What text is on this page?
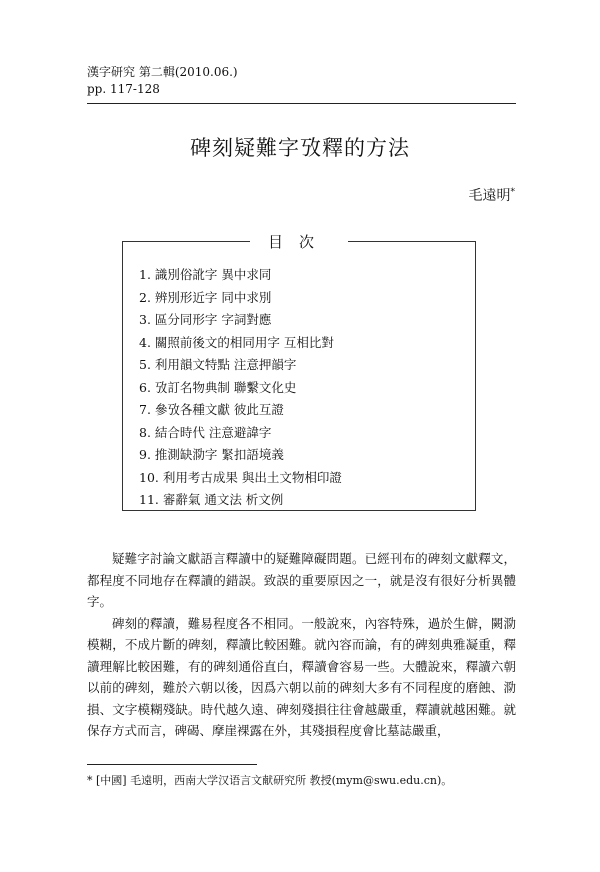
漢字研究 第二輯(2010.06.)
pp. 117-128
碑刻疑難字攷釋的方法
毛遠明*
目次
1. 識別俗訛字 異中求同
2. 辨別形近字 同中求別
3. 區分同形字 字詞對應
4. 關照前後文的相同用字 互相比對
5. 利用韻文特點 注意押韻字
6. 攷訂名物典制 聯繫文化史
7. 參攷各種文獻 彼此互證
8. 結合時代 注意避諱字
9. 推測缺泐字 緊扣語境義
10. 利用考古成果 與出土文物相印證
11. 審辭氣 通文法 析文例

疑難字討論文獻語言釋讀中的疑難障礙問題。已經刊布的碑刻文獻釋文，都程度不同地存在釋讀的錯誤。致誤的重要原因之一，就是沒有很好分析異體字。

碑刻的釋讀，難易程度各不相同。一般說來，內容特殊，過於生僻，闕泐模糊，不成片斷的碑刻，釋讀比較困難。就內容而論，有的碑刻典雅凝重，釋讀理解比較困難，有的碑刻通俗直白，釋讀會容易一些。大體說來，釋讀六朝以前的碑刻，難於六朝以後，因爲六朝以前的碑刻大多有不同程度的磨蝕、泐損、文字模糊殘缺。時代越久遠、碑刻殘損往往會越嚴重，釋讀就越困難。就保存方式而言，碑碣、摩崖裸露在外，其殘損程度會比墓誌嚴重，

* [中國] 毛遠明，西南大学汉语言文献研究所 教授(mym@swu.edu.cn)。
